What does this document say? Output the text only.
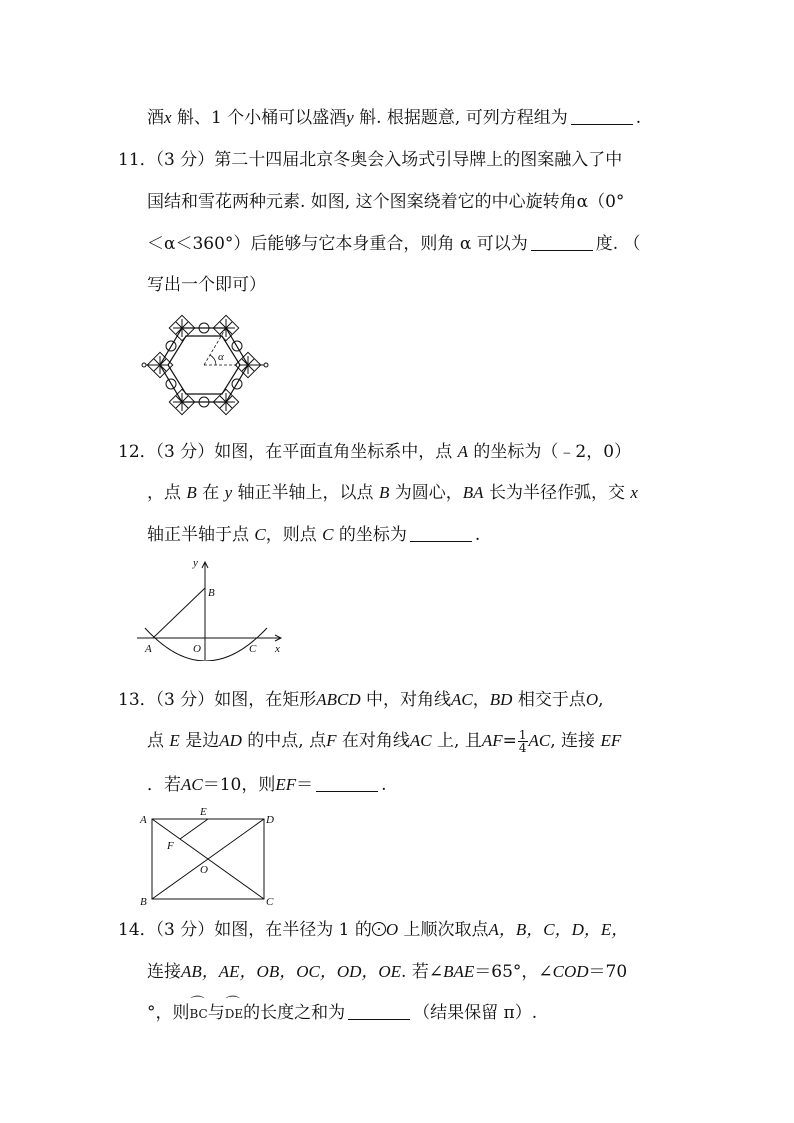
酒x 斛、1 个小桶可以盛酒y 斛. 根据题意, 可列方程组为	.
11．
（3 分）第二十四届北京冬奥会入场式引导牌上的图案融入了中
国结和雪花两种元素. 如图, 这个图案绕着它的中心旋转角α（0°
＜α＜360°）后能够与它本身重合，则角 α 可以为	度. （
写出一个即可）
α
12．
（3 分）如图，在平面直角坐标系中，点 A 的坐标为（﹣2，0）
，点 B 在 y 轴正半轴上，以点 B 为圆心，BA 长为半径作弧，交 x
轴正半轴于点 C，则点 C 的坐标为	.
y
x
B
A	O	C
13．
（3 分）如图，在矩形ABCD 中，对角线AC，BD 相交于点O,
点 E 是边AD 的中点, 点F 在对角线AC 上, 且$AF= \frac{1}{4}$ AC, 连接 EF
．若AC＝10，则EF＝	.
A
E
D
F
O
B	C
14．
（3 分）如图，在半径为 1 的 O 上顺次取点A，B，C，D，E，
连接AB，AE，OB，OC，OD，OE. 若∠BAE＝65°，∠COD＝70
°，则⌒ BC与⌒ DE的长度之和为	（结果保留 π）.
